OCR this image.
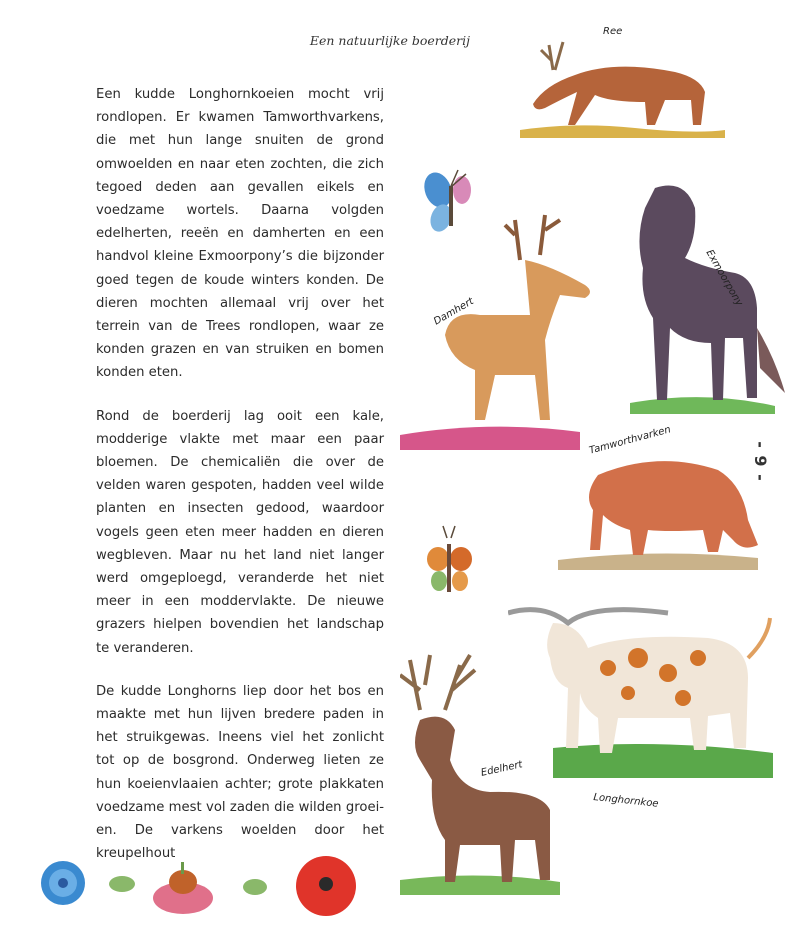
Een natuurlijke boerderij

Een kudde Longhornkoeien mocht vrij rondlopen. Er kwamen Tamworthvarkens, die met hun lange snuiten de grond omwoelden en naar eten zochten, die zich tegoed deden aan gevallen eikels en voedzame wortels. Daarna volgden edelherten, reeën en damherten en een handvol kleine Exmoorpony’s die bijzonder goed tegen de koude winters konden. De dieren mochten allemaal vrij over het terrein van de Trees rondlopen, waar ze konden grazen en van struiken en bomen konden eten.

Rond de boerderij lag ooit een kale, modderige vlakte met maar een paar bloemen. De chemicaliën die over de velden waren gespoten, hadden veel wilde planten en insecten gedood, waardoor vogels geen eten meer hadden en dieren wegbleven. Maar nu het land niet langer werd omgeploegd, veranderde het niet meer in een moddervlakte. De nieuwe grazers hielpen bovendien het landschap te veranderen.

De kudde Longhorns liep door het bos en maakte met hun lijven bredere paden in het struikgewas. Ineens viel het zonlicht tot op de bosgrond. Onderweg lieten ze hun koeienvlaaien achter; grote plakkaten voedzame mest vol zaden die wilden groeien. De varkens woelden door het kreupelhout

- 9 -
Ree
Exmoorpony
Damhert
Tamworthvarken
Longhornkoe
Edelhert
